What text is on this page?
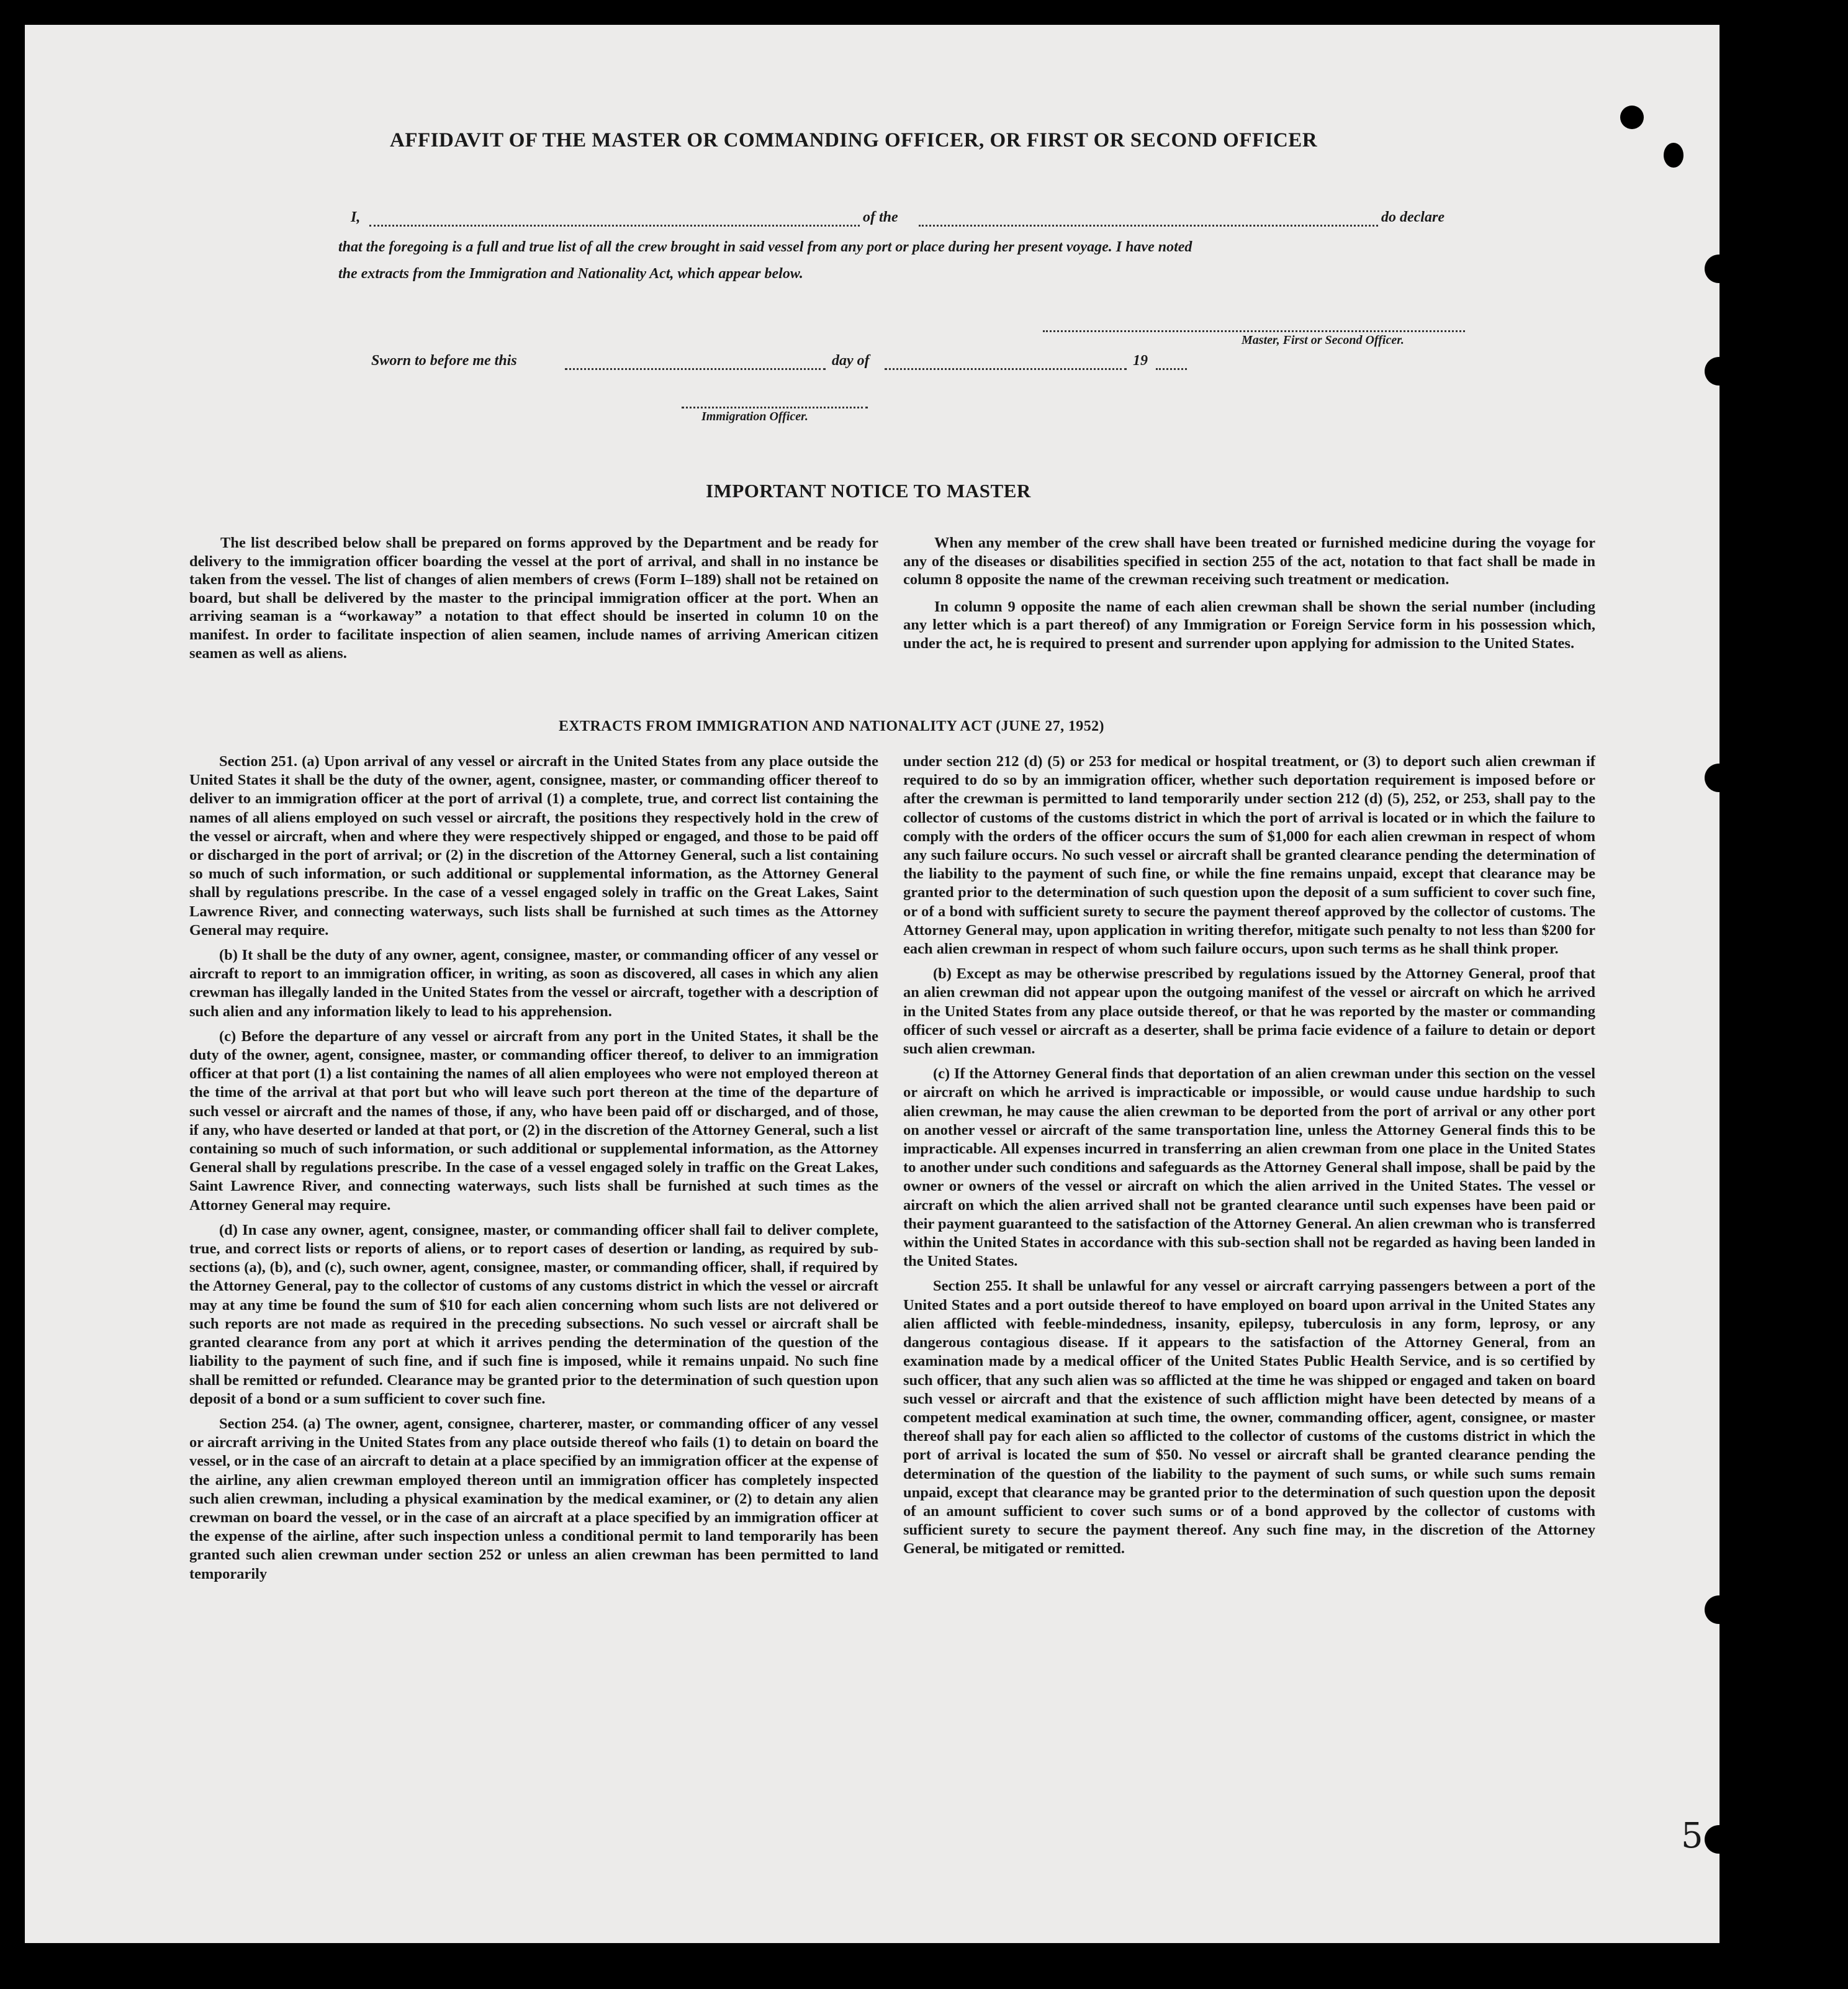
AFFIDAVIT OF THE MASTER OR COMMANDING OFFICER, OR FIRST OR SECOND OFFICER
I,	of the	do declare
that the foregoing is a full and true list of all the crew brought in said vessel from any port or place during her present voyage. I have noted
the extracts from the Immigration and Nationality Act, which appear below.
Master, First or Second Officer.
Sworn to before me this	day of	19
Immigration Officer.
IMPORTANT NOTICE TO MASTER

The list described below shall be prepared on forms approved by the Department and be ready for delivery to the immigration officer boarding the vessel at the port of arrival, and shall in no instance be taken from the vessel. The list of changes of alien members of crews (Form I–189) shall not be retained on board, but shall be delivered by the master to the principal immigration officer at the port. When an arriving seaman is a “workaway” a notation to that effect should be inserted in column 10 on the manifest. In order to facilitate inspection of alien seamen, include names of arriving American citizen seamen as well as aliens.

When any member of the crew shall have been treated or furnished medicine during the voyage for any of the diseases or disabilities specified in section 255 of the act, notation to that fact shall be made in column 8 opposite the name of the crewman receiving such treatment or medication.

In column 9 opposite the name of each alien crewman shall be shown the serial number (including any letter which is a part thereof) of any Immigration or Foreign Service form in his possession which, under the act, he is required to present and surrender upon applying for admission to the United States.

EXTRACTS FROM IMMIGRATION AND NATIONALITY ACT (JUNE 27, 1952)

Section 251. (a) Upon arrival of any vessel or aircraft in the United States from any place outside the United States it shall be the duty of the owner, agent, consignee, master, or commanding officer thereof to deliver to an immigration officer at the port of arrival (1) a complete, true, and correct list containing the names of all aliens employed on such vessel or aircraft, the positions they respectively hold in the crew of the vessel or aircraft, when and where they were respectively shipped or engaged, and those to be paid off or discharged in the port of arrival; or (2) in the discretion of the Attorney General, such a list containing so much of such information, or such additional or supplemental information, as the Attorney General shall by regulations prescribe. In the case of a vessel engaged solely in traffic on the Great Lakes, Saint Lawrence River, and connecting waterways, such lists shall be furnished at such times as the Attorney General may require.

(b) It shall be the duty of any owner, agent, consignee, master, or commanding officer of any vessel or aircraft to report to an immigration officer, in writing, as soon as discovered, all cases in which any alien crewman has illegally landed in the United States from the vessel or aircraft, together with a description of such alien and any information likely to lead to his apprehension.

(c) Before the departure of any vessel or aircraft from any port in the United States, it shall be the duty of the owner, agent, consignee, master, or commanding officer thereof, to deliver to an immigration officer at that port (1) a list containing the names of all alien employees who were not employed thereon at the time of the arrival at that port but who will leave such port thereon at the time of the departure of such vessel or aircraft and the names of those, if any, who have been paid off or discharged, and of those, if any, who have deserted or landed at that port, or (2) in the discretion of the Attorney General, such a list containing so much of such information, or such additional or supplemental information, as the Attorney General shall by regulations prescribe. In the case of a vessel engaged solely in traffic on the Great Lakes, Saint Lawrence River, and connecting waterways, such lists shall be furnished at such times as the Attorney General may require.

(d) In case any owner, agent, consignee, master, or commanding officer shall fail to deliver complete, true, and correct lists or reports of aliens, or to report cases of desertion or landing, as required by sub-sections (a), (b), and (c), such owner, agent, consignee, master, or commanding officer, shall, if required by the Attorney General, pay to the collector of customs of any customs district in which the vessel or aircraft may at any time be found the sum of $10 for each alien concerning whom such lists are not delivered or such reports are not made as required in the preceding subsections. No such vessel or aircraft shall be granted clearance from any port at which it arrives pending the determination of the question of the liability to the payment of such fine, and if such fine is imposed, while it remains unpaid. No such fine shall be remitted or refunded. Clearance may be granted prior to the determination of such question upon deposit of a bond or a sum sufficient to cover such fine.

Section 254. (a) The owner, agent, consignee, charterer, master, or commanding officer of any vessel or aircraft arriving in the United States from any place outside thereof who fails (1) to detain on board the vessel, or in the case of an aircraft to detain at a place specified by an immigration officer at the expense of the airline, any alien crewman employed thereon until an immigration officer has completely inspected such alien crewman, including a physical examination by the medical examiner, or (2) to detain any alien crewman on board the vessel, or in the case of an aircraft at a place specified by an immigration officer at the expense of the airline, after such inspection unless a conditional permit to land temporarily has been granted such alien crewman under section 252 or unless an alien crewman has been permitted to land temporarily

under section 212 (d) (5) or 253 for medical or hospital treatment, or (3) to deport such alien crewman if required to do so by an immigration officer, whether such deportation requirement is imposed before or after the crewman is permitted to land temporarily under section 212 (d) (5), 252, or 253, shall pay to the collector of customs of the customs district in which the port of arrival is located or in which the failure to comply with the orders of the officer occurs the sum of $1,000 for each alien crewman in respect of whom any such failure occurs. No such vessel or aircraft shall be granted clearance pending the determination of the liability to the payment of such fine, or while the fine remains unpaid, except that clearance may be granted prior to the determination of such question upon the deposit of a sum sufficient to cover such fine, or of a bond with sufficient surety to secure the payment thereof approved by the collector of customs. The Attorney General may, upon application in writing therefor, mitigate such penalty to not less than $200 for each alien crewman in respect of whom such failure occurs, upon such terms as he shall think proper.

(b) Except as may be otherwise prescribed by regulations issued by the Attorney General, proof that an alien crewman did not appear upon the outgoing manifest of the vessel or aircraft on which he arrived in the United States from any place outside thereof, or that he was reported by the master or commanding officer of such vessel or aircraft as a deserter, shall be prima facie evidence of a failure to detain or deport such alien crewman.

(c) If the Attorney General finds that deportation of an alien crewman under this section on the vessel or aircraft on which he arrived is impracticable or impossible, or would cause undue hardship to such alien crewman, he may cause the alien crewman to be deported from the port of arrival or any other port on another vessel or aircraft of the same transportation line, unless the Attorney General finds this to be impracticable. All expenses incurred in transferring an alien crewman from one place in the United States to another under such conditions and safeguards as the Attorney General shall impose, shall be paid by the owner or owners of the vessel or aircraft on which the alien arrived in the United States. The vessel or aircraft on which the alien arrived shall not be granted clearance until such expenses have been paid or their payment guaranteed to the satisfaction of the Attorney General. An alien crewman who is transferred within the United States in accordance with this sub-section shall not be regarded as having been landed in the United States.

Section 255. It shall be unlawful for any vessel or aircraft carrying passengers between a port of the United States and a port outside thereof to have employed on board upon arrival in the United States any alien afflicted with feeble-mindedness, insanity, epilepsy, tuberculosis in any form, leprosy, or any dangerous contagious disease. If it appears to the satisfaction of the Attorney General, from an examination made by a medical officer of the United States Public Health Service, and is so certified by such officer, that any such alien was so afflicted at the time he was shipped or engaged and taken on board such vessel or aircraft and that the existence of such affliction might have been detected by means of a competent medical examination at such time, the owner, commanding officer, agent, consignee, or master thereof shall pay for each alien so afflicted to the collector of customs of the customs district in which the port of arrival is located the sum of $50. No vessel or aircraft shall be granted clearance pending the determination of the question of the liability to the payment of such sums, or while such sums remain unpaid, except that clearance may be granted prior to the determination of such question upon the deposit of an amount sufficient to cover such sums or of a bond approved by the collector of customs with sufficient surety to secure the payment thereof. Any such fine may, in the discretion of the Attorney General, be mitigated or remitted.

5
